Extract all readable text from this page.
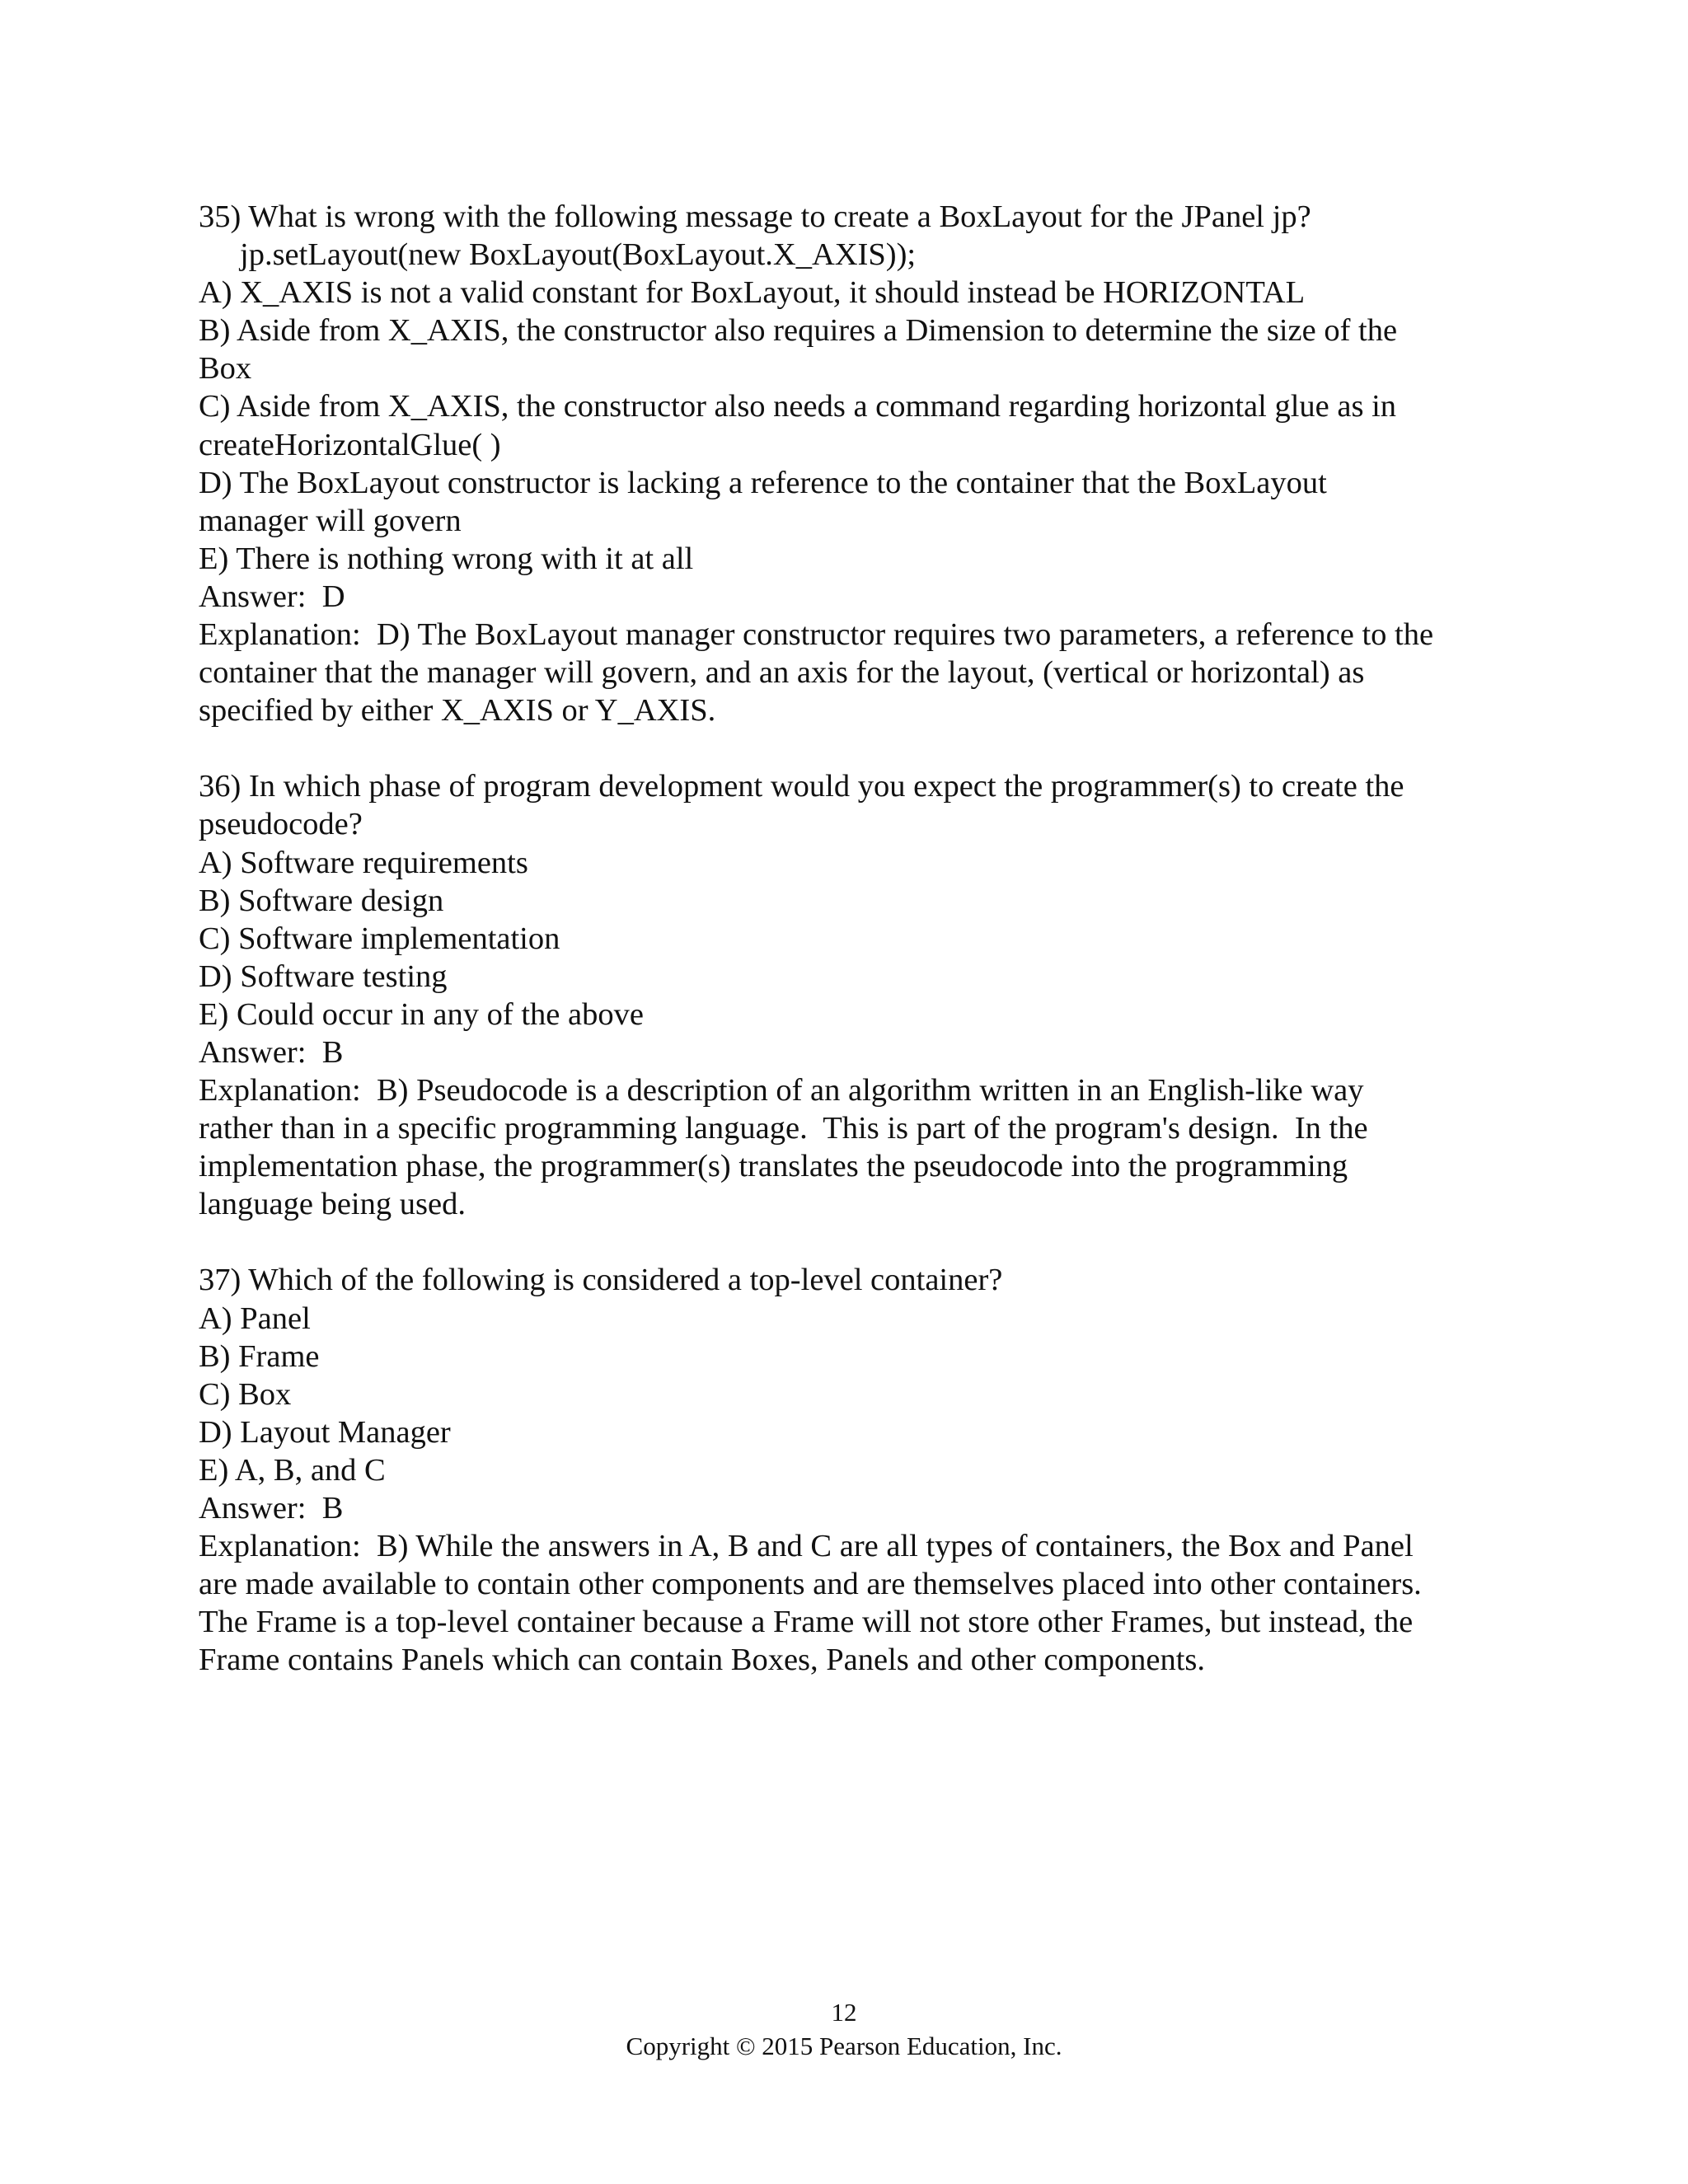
35) What is wrong with the following message to create a BoxLayout for the JPanel jp?
jp.setLayout(new BoxLayout(BoxLayout.X_AXIS));
A) X_AXIS is not a valid constant for BoxLayout, it should instead be HORIZONTAL
B) Aside from X_AXIS, the constructor also requires a Dimension to determine the size of the
Box
C) Aside from X_AXIS, the constructor also needs a command regarding horizontal glue as in
createHorizontalGlue( )
D) The BoxLayout constructor is lacking a reference to the container that the BoxLayout
manager will govern
E) There is nothing wrong with it at all
Answer:  D
Explanation:  D) The BoxLayout manager constructor requires two parameters, a reference to the
container that the manager will govern, and an axis for the layout, (vertical or horizontal) as
specified by either X_AXIS or Y_AXIS.
36) In which phase of program development would you expect the programmer(s) to create the
pseudocode?
A) Software requirements
B) Software design
C) Software implementation
D) Software testing
E) Could occur in any of the above
Answer:  B
Explanation:  B) Pseudocode is a description of an algorithm written in an English-like way
rather than in a specific programming language.  This is part of the program's design.  In the
implementation phase, the programmer(s) translates the pseudocode into the programming
language being used.
37) Which of the following is considered a top-level container?
A) Panel
B) Frame
C) Box
D) Layout Manager
E) A, B, and C
Answer:  B
Explanation:  B) While the answers in A, B and C are all types of containers, the Box and Panel
are made available to contain other components and are themselves placed into other containers.
The Frame is a top-level container because a Frame will not store other Frames, but instead, the
Frame contains Panels which can contain Boxes, Panels and other components.
12
Copyright © 2015 Pearson Education, Inc.
